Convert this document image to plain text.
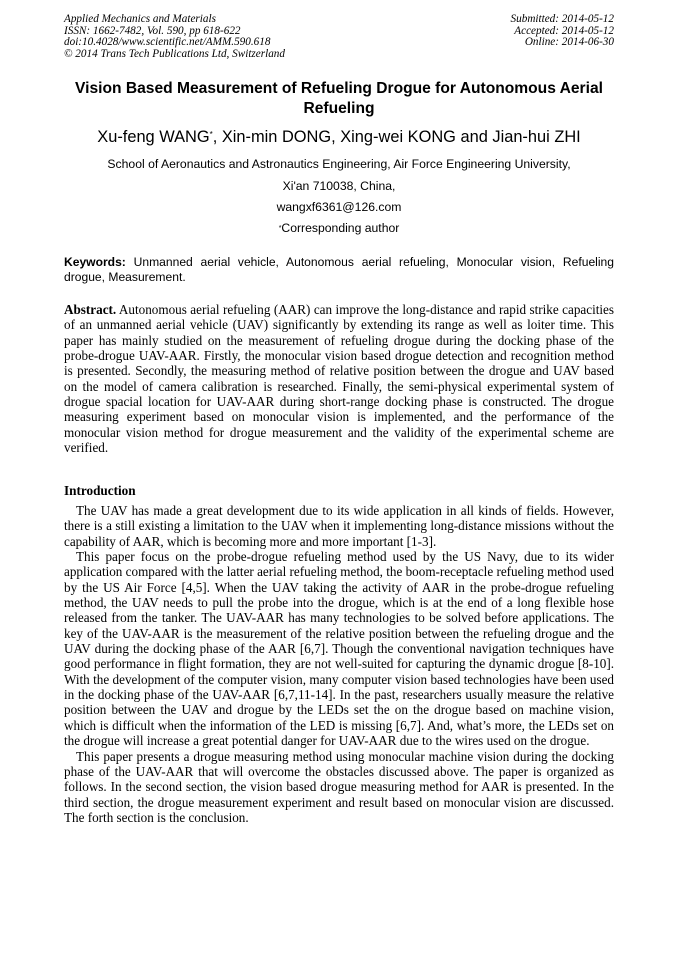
Applied Mechanics and Materials
ISSN: 1662-7482, Vol. 590, pp 618-622
doi:10.4028/www.scientific.net/AMM.590.618
© 2014 Trans Tech Publications Ltd, Switzerland
Submitted: 2014-05-12
Accepted: 2014-05-12
Online: 2014-06-30
Vision Based Measurement of Refueling Drogue for Autonomous Aerial Refueling
Xu-feng WANG*, Xin-min DONG, Xing-wei KONG and Jian-hui ZHI
School of Aeronautics and Astronautics Engineering, Air Force Engineering University,
Xi'an 710038, China,
wangxf6361@126.com
*Corresponding author
Keywords: Unmanned aerial vehicle, Autonomous aerial refueling, Monocular vision, Refueling drogue, Measurement.
Abstract. Autonomous aerial refueling (AAR) can improve the long-distance and rapid strike capacities of an unmanned aerial vehicle (UAV) significantly by extending its range as well as loiter time. This paper has mainly studied on the measurement of refueling drogue during the docking phase of the probe-drogue UAV-AAR. Firstly, the monocular vision based drogue detection and recognition method is presented. Secondly, the measuring method of relative position between the drogue and UAV based on the model of camera calibration is researched. Finally, the semi-physical experimental system of drogue spacial location for UAV-AAR during short-range docking phase is constructed. The drogue measuring experiment based on monocular vision is implemented, and the performance of the monocular vision method for drogue measurement and the validity of the experimental scheme are verified.
Introduction

The UAV has made a great development due to its wide application in all kinds of fields. However, there is a still existing a limitation to the UAV when it implementing long-distance missions without the capability of AAR, which is becoming more and more important [1-3].

This paper focus on the probe-drogue refueling method used by the US Navy, due to its wider application compared with the latter aerial refueling method, the boom-receptacle refueling method used by the US Air Force [4,5]. When the UAV taking the activity of AAR in the probe-drogue refueling method, the UAV needs to pull the probe into the drogue, which is at the end of a long flexible hose released from the tanker. The UAV-AAR has many technologies to be solved before applications. The key of the UAV-AAR is the measurement of the relative position between the refueling drogue and the UAV during the docking phase of the AAR [6,7]. Though the conventional navigation techniques have good performance in flight formation, they are not well-suited for capturing the dynamic drogue [8-10]. With the development of the computer vision, many computer vision based technologies have been used in the docking phase of the UAV-AAR [6,7,11-14]. In the past, researchers usually measure the relative position between the UAV and drogue by the LEDs set the on the drogue based on machine vision, which is difficult when the information of the LED is missing [6,7]. And, what’s more, the LEDs set on the drogue will increase a great potential danger for UAV-AAR due to the wires used on the drogue.

This paper presents a drogue measuring method using monocular machine vision during the docking phase of the UAV-AAR that will overcome the obstacles discussed above. The paper is organized as follows. In the second section, the vision based drogue measuring method for AAR is presented. In the third section, the drogue measurement experiment and result based on monocular vision are discussed. The forth section is the conclusion.
